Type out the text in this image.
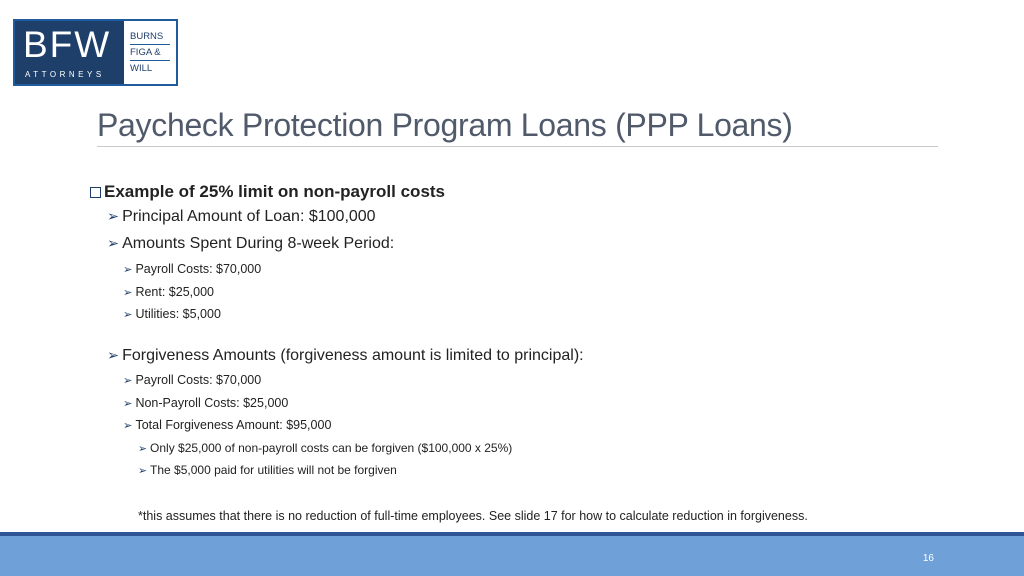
BFW
ATTORNEYS
BURNS
FIGA &
WILL
Paycheck Protection Program Loans (PPP Loans)
Example of 25% limit on non-payroll costs
➢ Principal Amount of Loan: $100,000
➢ Amounts Spent During 8-week Period:
➢ Payroll Costs: $70,000
➢ Rent: $25,000
➢ Utilities: $5,000
➢ Forgiveness Amounts (forgiveness amount is limited to principal):
➢ Payroll Costs: $70,000
➢ Non-Payroll Costs: $25,000
➢ Total Forgiveness Amount: $95,000
➢ Only $25,000 of non-payroll costs can be forgiven ($100,000 x 25%)
➢ The $5,000 paid for utilities will not be forgiven
*this assumes that there is no reduction of full-time employees. See slide 17 for how to calculate reduction in forgiveness.
16
